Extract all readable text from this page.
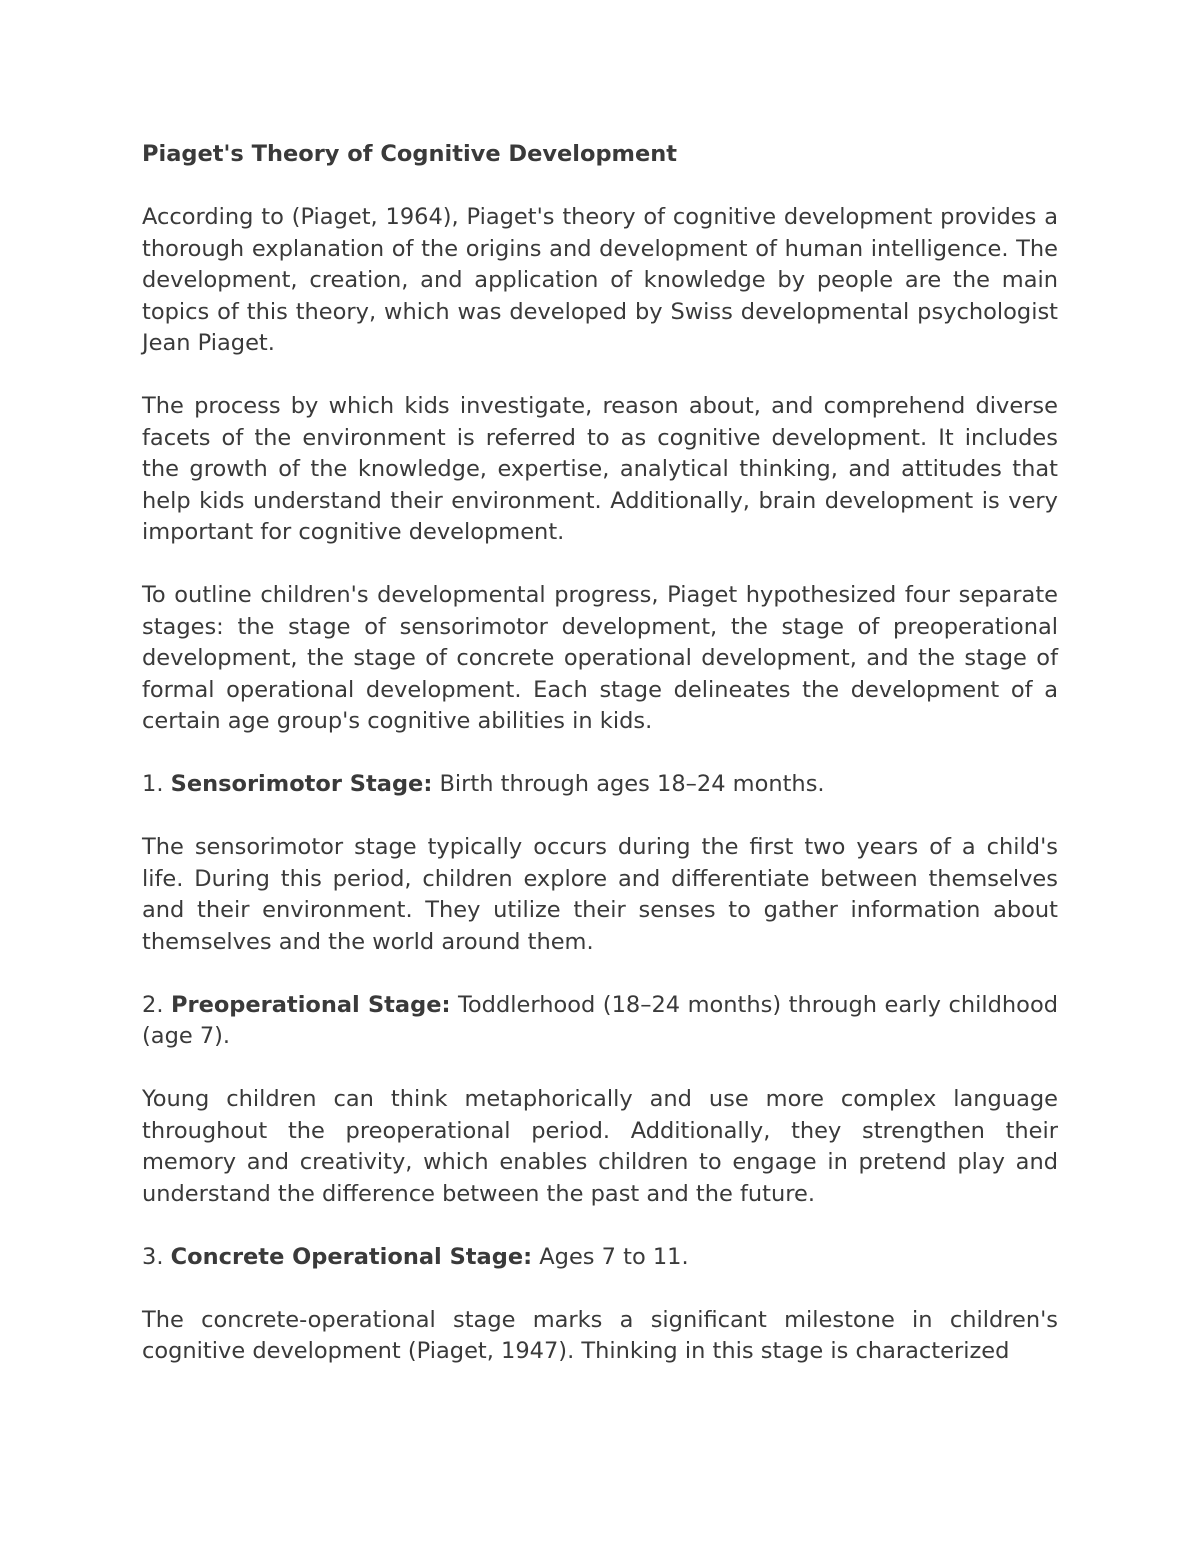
Piaget's Theory of Cognitive Development

According to (Piaget, 1964), Piaget's theory of cognitive development provides a thorough explanation of the origins and development of human intelligence. The development, creation, and application of knowledge by people are the main topics of this theory, which was developed by Swiss developmental psychologist Jean Piaget.

The process by which kids investigate, reason about, and comprehend diverse facets of the environment is referred to as cognitive development. It includes the growth of the knowledge, expertise, analytical thinking, and attitudes that help kids understand their environment. Additionally, brain development is very important for cognitive development.

To outline children's developmental progress, Piaget hypothesized four separate stages: the stage of sensorimotor development, the stage of preoperational development, the stage of concrete operational development, and the stage of formal operational development. Each stage delineates the development of a certain age group's cognitive abilities in kids.

1. Sensorimotor Stage: Birth through ages 18–24 months.

The sensorimotor stage typically occurs during the first two years of a child's life. During this period, children explore and differentiate between themselves and their environment. They utilize their senses to gather information about themselves and the world around them.

2. Preoperational Stage: Toddlerhood (18–24 months) through early childhood (age 7).

Young children can think metaphorically and use more complex language throughout the preoperational period. Additionally, they strengthen their memory and creativity, which enables children to engage in pretend play and understand the difference between the past and the future.

3. Concrete Operational Stage: Ages 7 to 11.

The concrete-operational stage marks a significant milestone in children's cognitive development (Piaget, 1947). Thinking in this stage is characterized
